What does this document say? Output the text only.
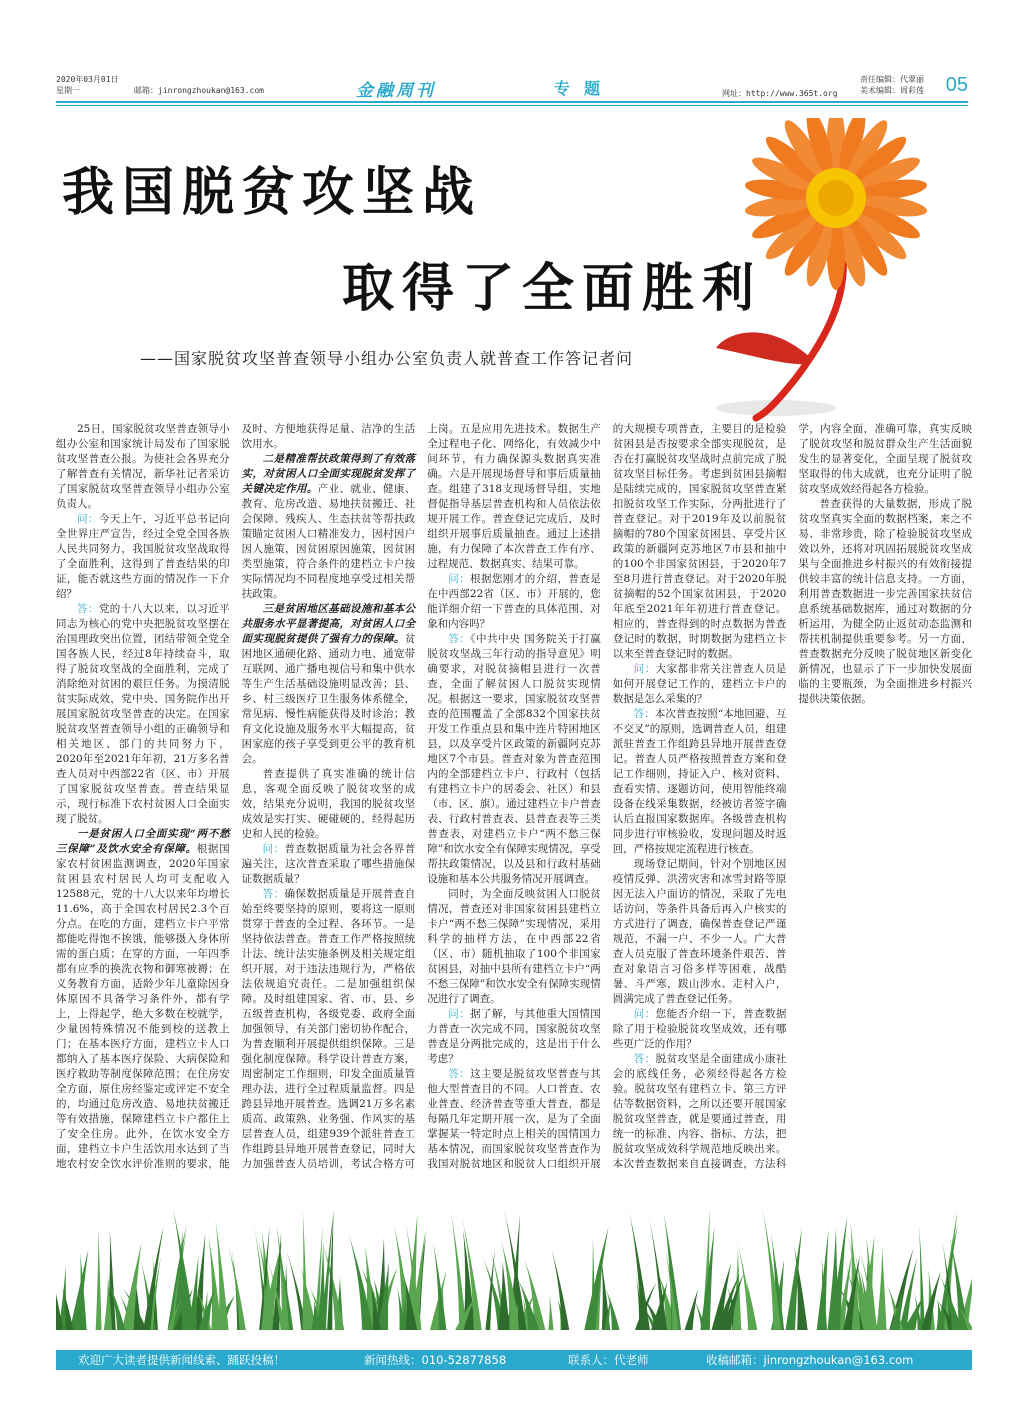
2020年03月01日
星期一	邮箱：jinrongzhoukan@163.com	金融周刊	专题	网址：http://www.365t.org
责任编辑：代翠丽
美术编辑：周彩莲 05
我国脱贫攻坚战
取得了全面胜利
——国家脱贫攻坚普查领导小组办公室负责人就普查工作答记者问

25日，国家脱贫攻坚普查领导小组办公室和国家统计局发布了国家脱贫攻坚普查公报。为使社会各界充分了解普查有关情况，新华社记者采访了国家脱贫攻坚普查领导小组办公室负责人。

问：今天上午，习近平总书记向全世界庄严宣告，经过全党全国各族人民共同努力，我国脱贫攻坚战取得了全面胜利，这得到了普查结果的印证，能否就这些方面的情况作一下介绍？

答：党的十八大以来，以习近平同志为核心的党中央把脱贫攻坚摆在治国理政突出位置，团结带领全党全国各族人民，经过8年持续奋斗，取得了脱贫攻坚战的全面胜利，完成了消除绝对贫困的艰巨任务。为摸清脱贫实际成效，党中央、国务院作出开展国家脱贫攻坚普查的决定。在国家脱贫攻坚普查领导小组的正确领导和相关地区、部门的共同努力下，2020年至2021年年初，21万多名普查人员对中西部22省（区、市）开展了国家脱贫攻坚普查。普查结果显示，现行标准下农村贫困人口全面实现了脱贫。

一是贫困人口全面实现“两不愁三保障”及饮水安全有保障。根据国家农村贫困监测调查，2020年国家贫困县农村居民人均可支配收入12588元，党的十八大以来年均增长11.6%，高于全国农村居民2.3个百分点。在吃的方面，建档立卡户平常都能吃得饱不挨饿，能够摄入身体所需的蛋白质；在穿的方面，一年四季都有应季的换洗衣物和御寒被褥；在义务教育方面，适龄少年儿童除因身体原因不具备学习条件外，都有学上，上得起学，绝大多数在校就学，少量因特殊情况不能到校的送教上门；在基本医疗方面，建档立卡人口都纳入了基本医疗保险、大病保险和医疗救助等制度保障范围；在住房安全方面，原住房经鉴定或评定不安全的，均通过危房改造、易地扶贫搬迁等有效措施，保障建档立卡户都住上了安全住房。此外，在饮水安全方面，建档立卡户生活饮用水达到了当地农村安全饮水评价准则的要求，能及时、方便地获得足量、洁净的生活饮用水。

二是精准帮扶政策得到了有效落实，对贫困人口全面实现脱贫发挥了关键决定作用。产业、就业、健康、教育、危房改造、易地扶贫搬迁、社会保障、残疾人、生态扶贫等帮扶政策瞄定贫困人口精准发力，因村因户因人施策，因贫困原因施策，因贫困类型施策，符合条件的建档立卡户按实际情况均不同程度地享受过相关帮扶政策。

三是贫困地区基础设施和基本公共服务水平显著提高，对贫困人口全面实现脱贫提供了强有力的保障。贫困地区通硬化路、通动力电、通宽带互联网、通广播电视信号和集中供水等生产生活基础设施明显改善；县、乡、村三级医疗卫生服务体系健全，常见病、慢性病能获得及时诊治；教育文化设施及服务水平大幅提高，贫困家庭的孩子享受到更公平的教育机会。

普查提供了真实准确的统计信息，客观全面反映了脱贫攻坚的成效，结果充分说明，我国的脱贫攻坚成效是实打实、硬碰硬的，经得起历史和人民的检验。

问：普查数据质量为社会各界普遍关注，这次普查采取了哪些措施保证数据质量？

答：确保数据质量是开展普查自始至终要坚持的原则，要将这一原则贯穿于普查的全过程、各环节。一是坚持依法普查。普查工作严格按照统计法、统计法实施条例及相关规定组织开展，对于违法违规行为，严格依法依规追究责任。二是加强组织保障。及时组建国家、省、市、县、乡五级普查机构，各级党委、政府全面加强领导，有关部门密切协作配合，为普查顺利开展提供组织保障。三是强化制度保障。科学设计普查方案，周密制定工作细则，印发全面质量管理办法，进行全过程质量监督。四是跨县异地开展普查。选调21万多名素质高、政策熟、业务强、作风实的基层普查人员，组建939个派驻普查工作组跨县异地开展普查登记，同时大力加强普查人员培训，考试合格方可上岗。五是应用先进技术。数据生产全过程电子化、网络化，有效减少中间环节，有力确保源头数据真实准确。六是开展现场督导和事后质量抽查。组建了318支现场督导组，实地督促指导基层普查机构和人员依法依规开展工作。普查登记完成后，及时组织开展事后质量抽查。通过上述措施，有力保障了本次普查工作有序、过程规范、数据真实、结果可靠。

问：根据您刚才的介绍，普查是在中西部22省（区、市）开展的，您能详细介绍一下普查的具体范围、对象和内容吗？

答：《中共中央 国务院关于打赢脱贫攻坚战三年行动的指导意见》明确要求，对脱贫摘帽县进行一次普查，全面了解贫困人口脱贫实现情况。根据这一要求，国家脱贫攻坚普查的范围覆盖了全部832个国家扶贫开发工作重点县和集中连片特困地区县，以及享受片区政策的新疆阿克苏地区7个市县。普查对象为普查范围内的全部建档立卡户、行政村（包括有建档立卡户的居委会、社区）和县（市、区、旗）。通过建档立卡户普查表、行政村普查表、县普查表等三类普查表，对建档立卡户“两不愁三保障”和饮水安全有保障实现情况，享受帮扶政策情况，以及县和行政村基础设施和基本公共服务情况开展调查。

同时，为全面反映贫困人口脱贫情况，普查还对非国家贫困县建档立卡户“两不愁三保障”实现情况，采用科学的抽样方法，在中西部22省（区、市）随机抽取了100个非国家贫困县，对抽中县所有建档立卡户“两不愁三保障”和饮水安全有保障实现情况进行了调查。

问：据了解，与其他重大国情国力普查一次完成不同，国家脱贫攻坚普查是分两批完成的，这是出于什么考虑？

答：这主要是脱贫攻坚普查与其他大型普查目的不同。人口普查、农业普查、经济普查等重大普查，都是每隔几年定期开展一次，是为了全面掌握某一特定时点上相关的国情国力基本情况，而国家脱贫攻坚普查作为我国对脱贫地区和脱贫人口组织开展的大规模专项普查，主要目的是检验贫困县是否按要求全部实现脱贫，是否在打赢脱贫攻坚战时点前完成了脱贫攻坚目标任务。考虑到贫困县摘帽是陆续完成的，国家脱贫攻坚普查紧扣脱贫攻坚工作实际，分两批进行了普查登记。对于2019年及以前脱贫摘帽的780个国家贫困县、享受片区政策的新疆阿克苏地区7市县和抽中的100个非国家贫困县，于2020年7至8月进行普查登记。对于2020年脱贫摘帽的52个国家贫困县，于2020年底至2021年年初进行普查登记。相应的，普查得到的时点数据为普查登记时的数据，时期数据为建档立卡以来至普查登记时的数据。

问：大家都非常关注普查人员是如何开展登记工作的，建档立卡户的数据是怎么采集的？

答：本次普查按照“本地回避、互不交叉”的原则，选调普查人员，组建派驻普查工作组跨县异地开展普查登记。普查人员严格按照普查方案和登记工作细则，持证入户、核对资料、查看实情、逐题访问，使用智能终端设备在线采集数据，经被访者签字确认后直报国家数据库。各级普查机构同步进行审核验收，发现问题及时返回，严格按规定流程进行核查。

现场登记期间，针对个别地区因疫情反弹、洪涝灾害和冰雪封路等原因无法入户面访的情况，采取了先电话访问，等条件具备后再入户核实的方式进行了调查，确保普查登记严谨规范，不漏一户、不少一人。广大普查人员克服了普查环境条件艰苦、普查对象语言习俗多样等困难，战酷暑、斗严寒，跋山涉水、走村入户，圆满完成了普查登记任务。

问：您能否介绍一下，普查数据除了用于检验脱贫攻坚成效，还有哪些更广泛的作用？

答：脱贫攻坚是全面建成小康社会的底线任务，必须经得起各方检验。脱贫攻坚有建档立卡、第三方评估等数据资料，之所以还要开展国家脱贫攻坚普查，就是要通过普查，用统一的标准、内容、指标、方法，把脱贫攻坚成效科学规范地反映出来。本次普查数据来自直接调查，方法科学，内容全面，准确可靠，真实反映了脱贫攻坚和脱贫群众生产生活面貌发生的显著变化，全面呈现了脱贫攻坚取得的伟大成就，也充分证明了脱贫攻坚成效经得起各方检验。

普查获得的大量数据，形成了脱贫攻坚真实全面的数据档案，来之不易、非常珍贵，除了检验脱贫攻坚成效以外，还将对巩固拓展脱贫攻坚成果与全面推进乡村振兴的有效衔接提供较丰富的统计信息支持。一方面，利用普查数据进一步完善国家扶贫信息系统基础数据库，通过对数据的分析运用，为健全防止返贫动态监测和帮扶机制提供重要参考。另一方面，普查数据充分反映了脱贫地区新变化新情况，也显示了下一步加快发展面临的主要瓶颈，为全面推进乡村振兴提供决策依据。

欢迎广大读者提供新闻线索、踊跃投稿！	新闻热线：010-52877858	联系人：代老师	收稿邮箱：jinrongzhoukan@163.com
